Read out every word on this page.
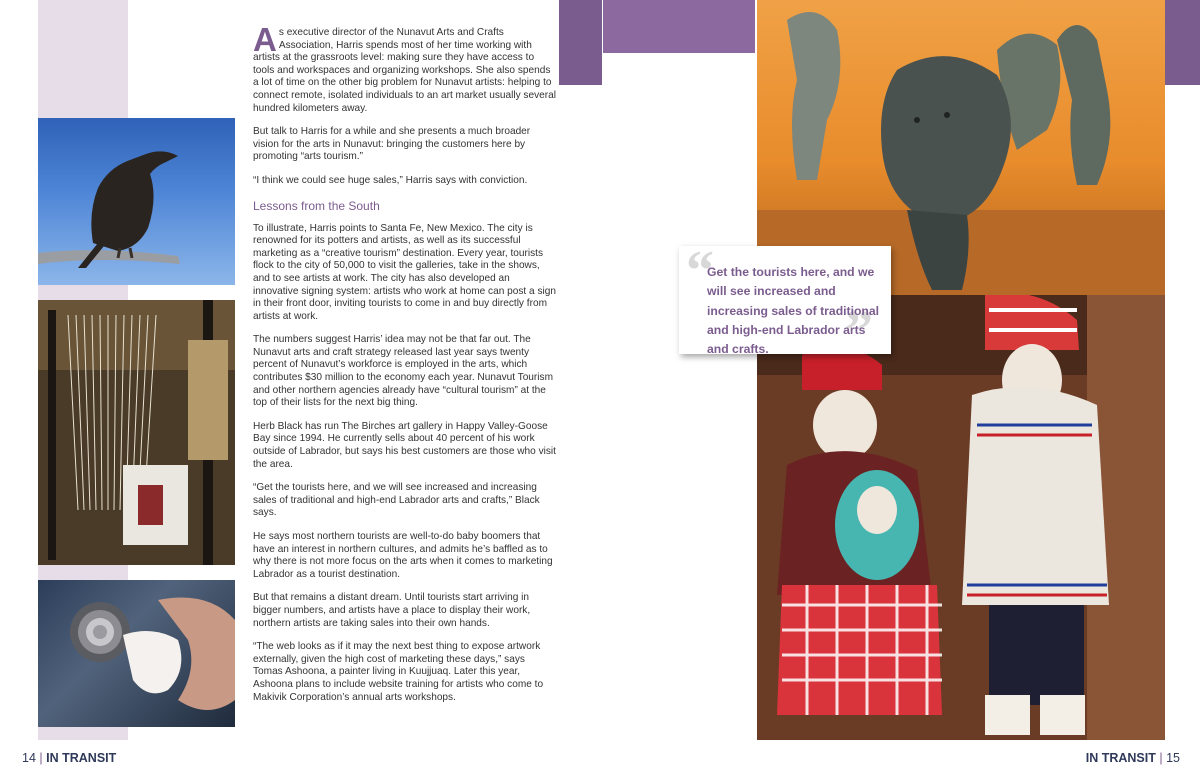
As executive director of the Nunavut Arts and Crafts Association, Harris spends most of her time working with artists at the grassroots level: making sure they have access to tools and workspaces and organizing workshops. She also spends a lot of time on the other big problem for Nunavut artists: helping to connect remote, isolated individuals to an art market usually several hundred kilometers away.

But talk to Harris for a while and she presents a much broader vision for the arts in Nunavut: bringing the customers here by promoting “arts tourism.”

“I think we could see huge sales,” Harris says with conviction.

Lessons from the South

To illustrate, Harris points to Santa Fe, New Mexico. The city is renowned for its potters and artists, as well as its successful marketing as a “creative tourism” destination. Every year, tourists flock to the city of 50,000 to visit the galleries, take in the shows, and to see artists at work. The city has also developed an innovative signing system: artists who work at home can post a sign in their front door, inviting tourists to come in and buy directly from artists at work.

The numbers suggest Harris’ idea may not be that far out. The Nunavut arts and craft strategy released last year says twenty percent of Nunavut’s workforce is employed in the arts, which contributes $30 million to the economy each year. Nunavut Tourism and other northern agencies already have “cultural tourism” at the top of their lists for the next big thing.

Herb Black has run The Birches art gallery in Happy Valley-Goose Bay since 1994. He currently sells about 40 percent of his work outside of Labrador, but says his best customers are those who visit the area.

“Get the tourists here, and we will see increased and increasing sales of traditional and high-end Labrador arts and crafts,” Black says.

He says most northern tourists are well-to-do baby boomers that have an interest in northern cultures, and admits he’s baffled as to why there is not more focus on the arts when it comes to marketing Labrador as a tourist destination.

But that remains a distant dream. Until tourists start arriving in bigger numbers, and artists have a place to display their work, northern artists are taking sales into their own hands.

“The web looks as if it may the next best thing to expose artwork externally, given the high cost of marketing these days,” says Tomas Ashoona, a painter living in Kuujjuaq. Later this year, Ashoona plans to include website training for artists who come to Makivik Corporation’s annual arts workshops.

“
”
Get the tourists here, and we will see increased and increasing sales of traditional and high-end Labrador arts and crafts.
14 | IN TRANSIT	IN TRANSIT | 15
